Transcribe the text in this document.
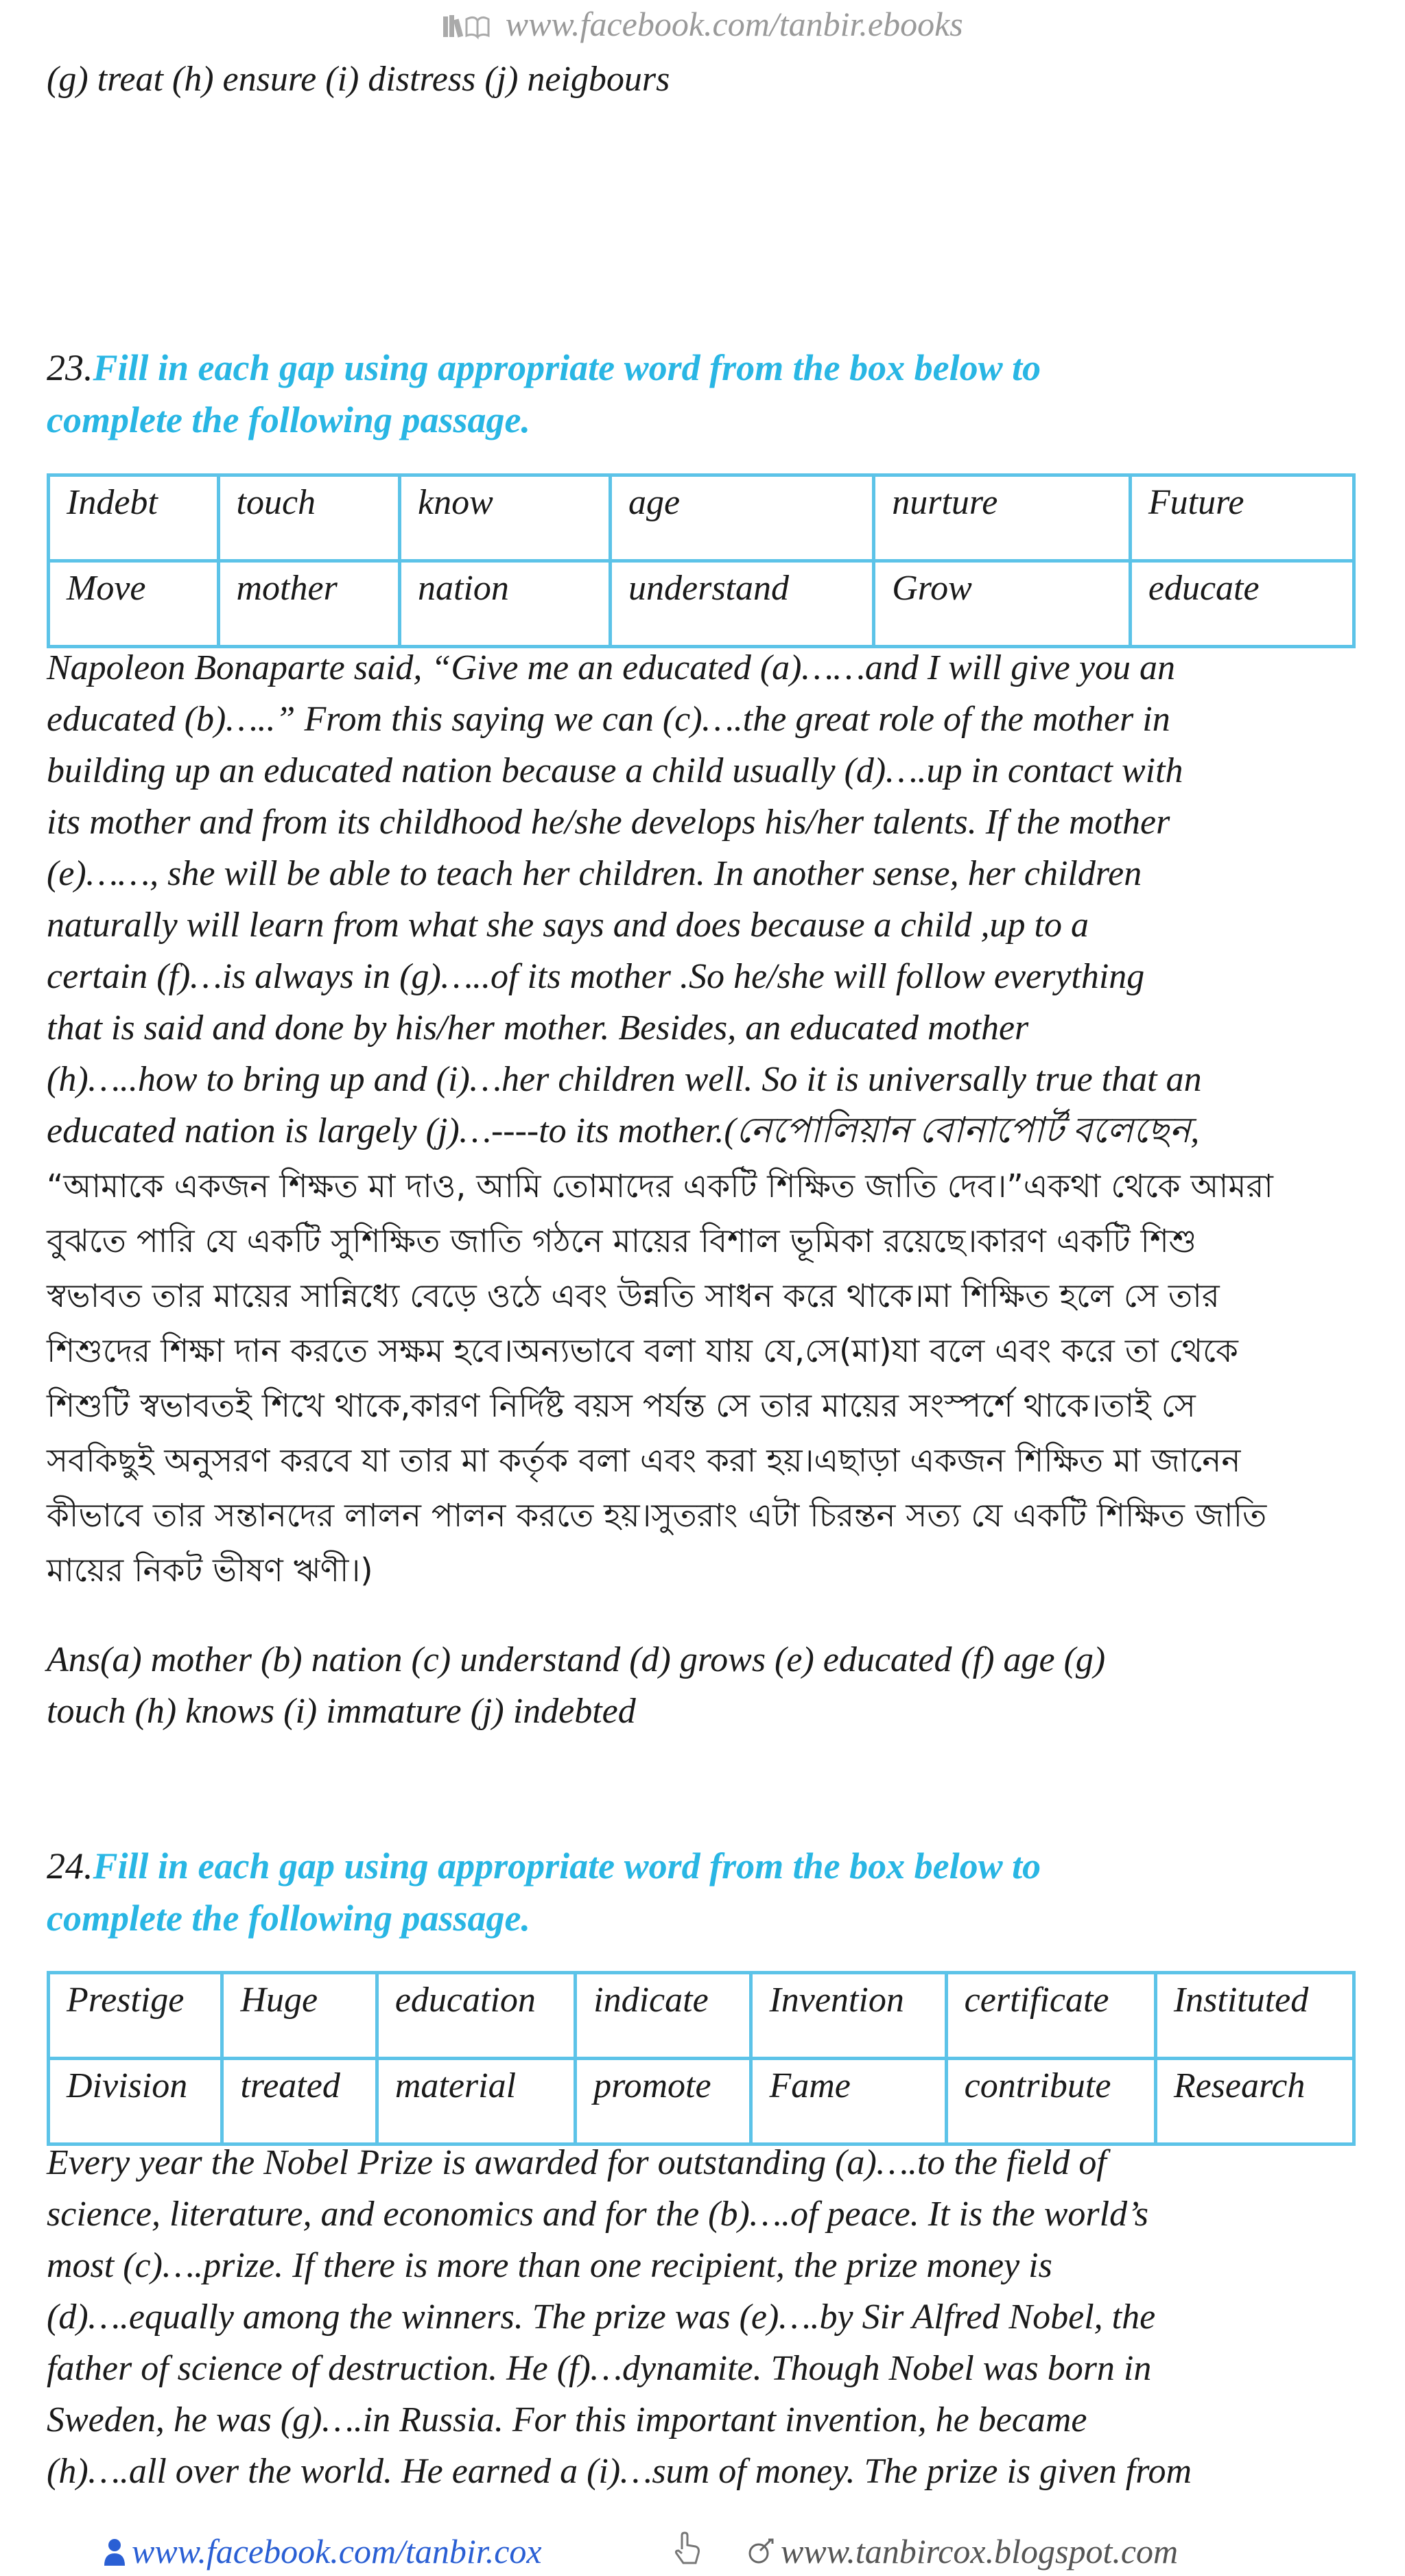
www.facebook.com/tanbir.ebooks
(g) treat (h) ensure (i) distress (j) neigbours
23.Fill in each gap using appropriate word from the box below to
complete the following passage.
Indebt	touch	know	age	nurture	Future
Move	mother	nation	understand	Grow	educate
Napoleon Bonaparte said, “Give me an educated (a)……and I will give you an
educated (b)…..” From this saying we can (c)….the great role of the mother in
building up an educated nation because a child usually (d)….up in contact with
its mother and from its childhood he/she develops his/her talents. If the mother
(e)……, she will be able to teach her children. In another sense, her children
naturally will learn from what she says and does because a child ,up to a
certain (f)…is always in (g)…..of its mother .So he/she will follow everything
that is said and done by his/her mother. Besides, an educated mother
(h)…..how to bring up and (i)…her children well. So it is universally true that an
educated nation is largely (j)…----to its mother.(নেপোলিয়ান বোনাপোর্ট বলেছেন,
“আমাকে একজন শিক্ষত মা দাও, আমি তোমাদের একটি শিক্ষিত জাতি দেব।”একথা থেকে আমরা
বুঝতে পারি যে একটি সুশিক্ষিত জাতি গঠনে মায়ের বিশাল ভূমিকা রয়েছে।কারণ একটি শিশু
স্বভাবত তার মায়ের সান্নিধ্যে বেড়ে ওঠে এবং উন্নতি সাধন করে থাকে।মা শিক্ষিত হলে সে তার
শিশুদের শিক্ষা দান করতে সক্ষম হবে।অন্যভাবে বলা যায় যে,সে(মা)যা বলে এবং করে তা থেকে
শিশুটি স্বভাবতই শিখে থাকে,কারণ নির্দিষ্ট বয়স পর্যন্ত সে তার মায়ের সংস্পর্শে থাকে।তাই সে
সবকিছুই অনুসরণ করবে যা তার মা কর্তৃক বলা এবং করা হয়।এছাড়া একজন শিক্ষিত মা জানেন
কীভাবে তার সন্তানদের লালন পালন করতে হয়।সুতরাং এটা চিরন্তন সত্য যে একটি শিক্ষিত জাতি
মায়ের নিকট ভীষণ ঋণী।)
Ans(a) mother (b) nation (c) understand (d) grows (e) educated (f) age (g)
touch (h) knows (i) immature (j) indebted
24.Fill in each gap using appropriate word from the box below to
complete the following passage.
Prestige	Huge	education	indicate	Invention	certificate	Instituted
Division	treated	material	promote	Fame	contribute	Research
Every year the Nobel Prize is awarded for outstanding (a)….to the field of
science, literature, and economics and for the (b)….of peace. It is the world’s
most (c)….prize. If there is more than one recipient, the prize money is
(d)….equally among the winners. The prize was (e)….by Sir Alfred Nobel, the
father of science of destruction. He (f)…dynamite. Though Nobel was born in
Sweden, he was (g)….in Russia. For this important invention, he became
(h)….all over the world. He earned a (i)…sum of money. The prize is given from
www.facebook.com/tanbir.cox	www.tanbircox.blogspot.com
